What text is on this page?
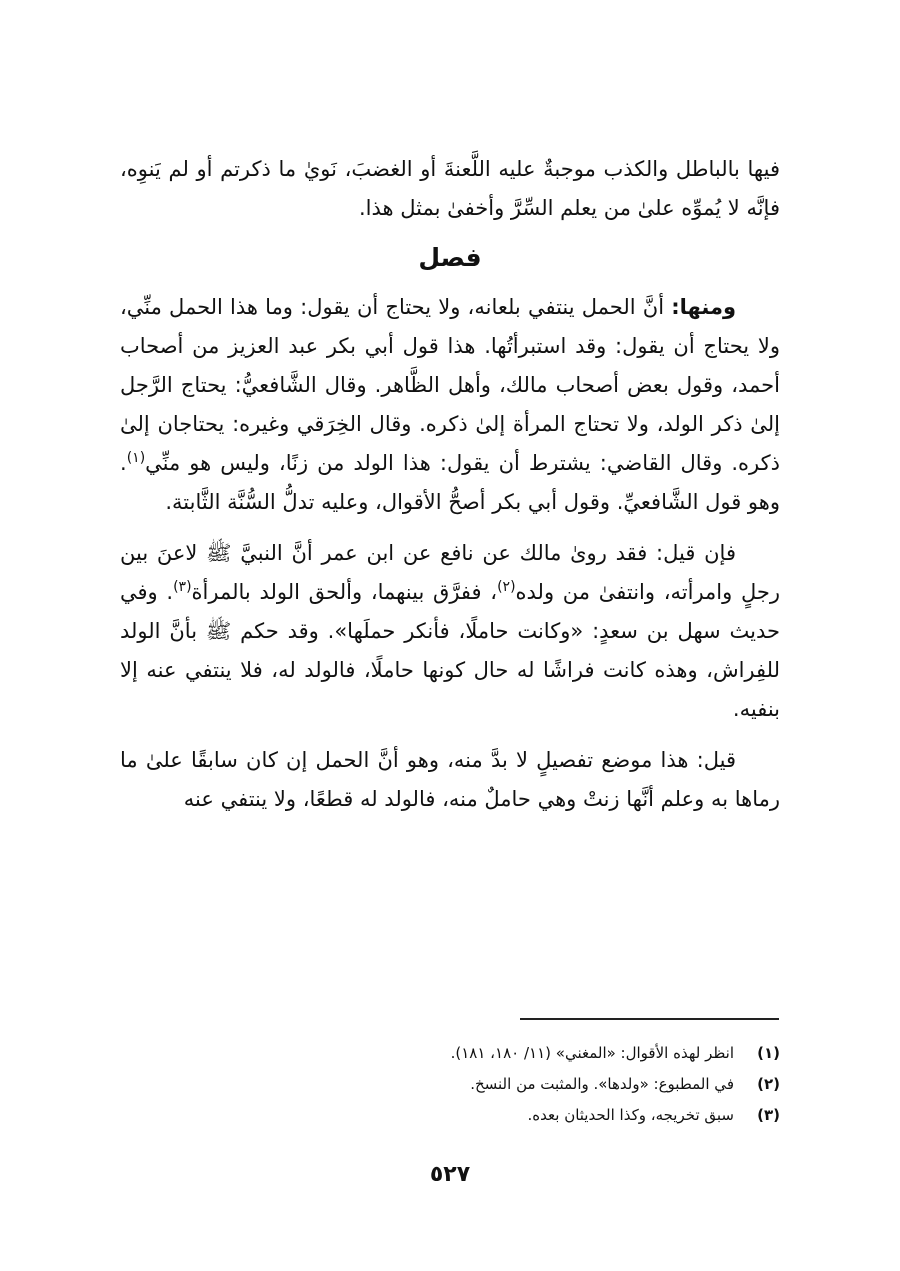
فيها بالباطل والكذب موجبةٌ عليه اللَّعنةَ أو الغضبَ، نَويٰ ما ذكرتم أو لم يَنوِه، فإنَّه لا يُموِّه علىٰ من يعلم السِّرَّ وأخفىٰ بمثل هذا.

فصل

ومنها: أنَّ الحمل ينتفي بلعانه، ولا يحتاج أن يقول: وما هذا الحمل منِّي، ولا يحتاج أن يقول: وقد استبرأتُها. هذا قول أبي بكر عبد العزيز من أصحاب أحمد، وقول بعض أصحاب مالك، وأهل الظَّاهر. وقال الشَّافعيُّ: يحتاج الرَّجل إلىٰ ذكر الولد، ولا تحتاج المرأة إلىٰ ذكره. وقال الخِرَقي وغيره: يحتاجان إلىٰ ذكره. وقال القاضي: يشترط أن يقول: هذا الولد من زنًا، وليس هو منِّي$^{(١)}$. وهو قول الشَّافعيِّ. وقول أبي بكر أصحُّ الأقوال، وعليه تدلُّ السُّنَّة الثَّابتة.

فإن قيل: فقد رویٰ مالك عن نافع عن ابن عمر أنَّ النبيَّ ﷺ لاعنَ بين رجلٍ وامرأته، وانتفىٰ من ولده$^{(٢)}$، ففرَّق بينهما، وألحق الولد بالمرأة$^{(٣)}$. وفي حديث سهل بن سعدٍ: «وكانت حاملًا، فأنكر حملَها». وقد حكم ﷺ بأنَّ الولد للفِراش، وهذه كانت فراشًا له حال كونها حاملًا، فالولد له، فلا ينتفي عنه إلا بنفيه.

قيل: هذا موضع تفصيلٍ لا بدَّ منه، وهو أنَّ الحمل إن كان سابقًا علىٰ ما رماها به وعلم أنَّها زنتْ وهي حاملٌ منه، فالولد له قطعًا، ولا ينتفي عنه

(١)
انظر لهذه الأقوال: «المغني» (١١/ ١٨٠، ١٨١).
(٢)
في المطبوع: «ولدها». والمثبت من النسخ.
(٣)
سبق تخريجه، وكذا الحديثان بعده.
٥٢٧
